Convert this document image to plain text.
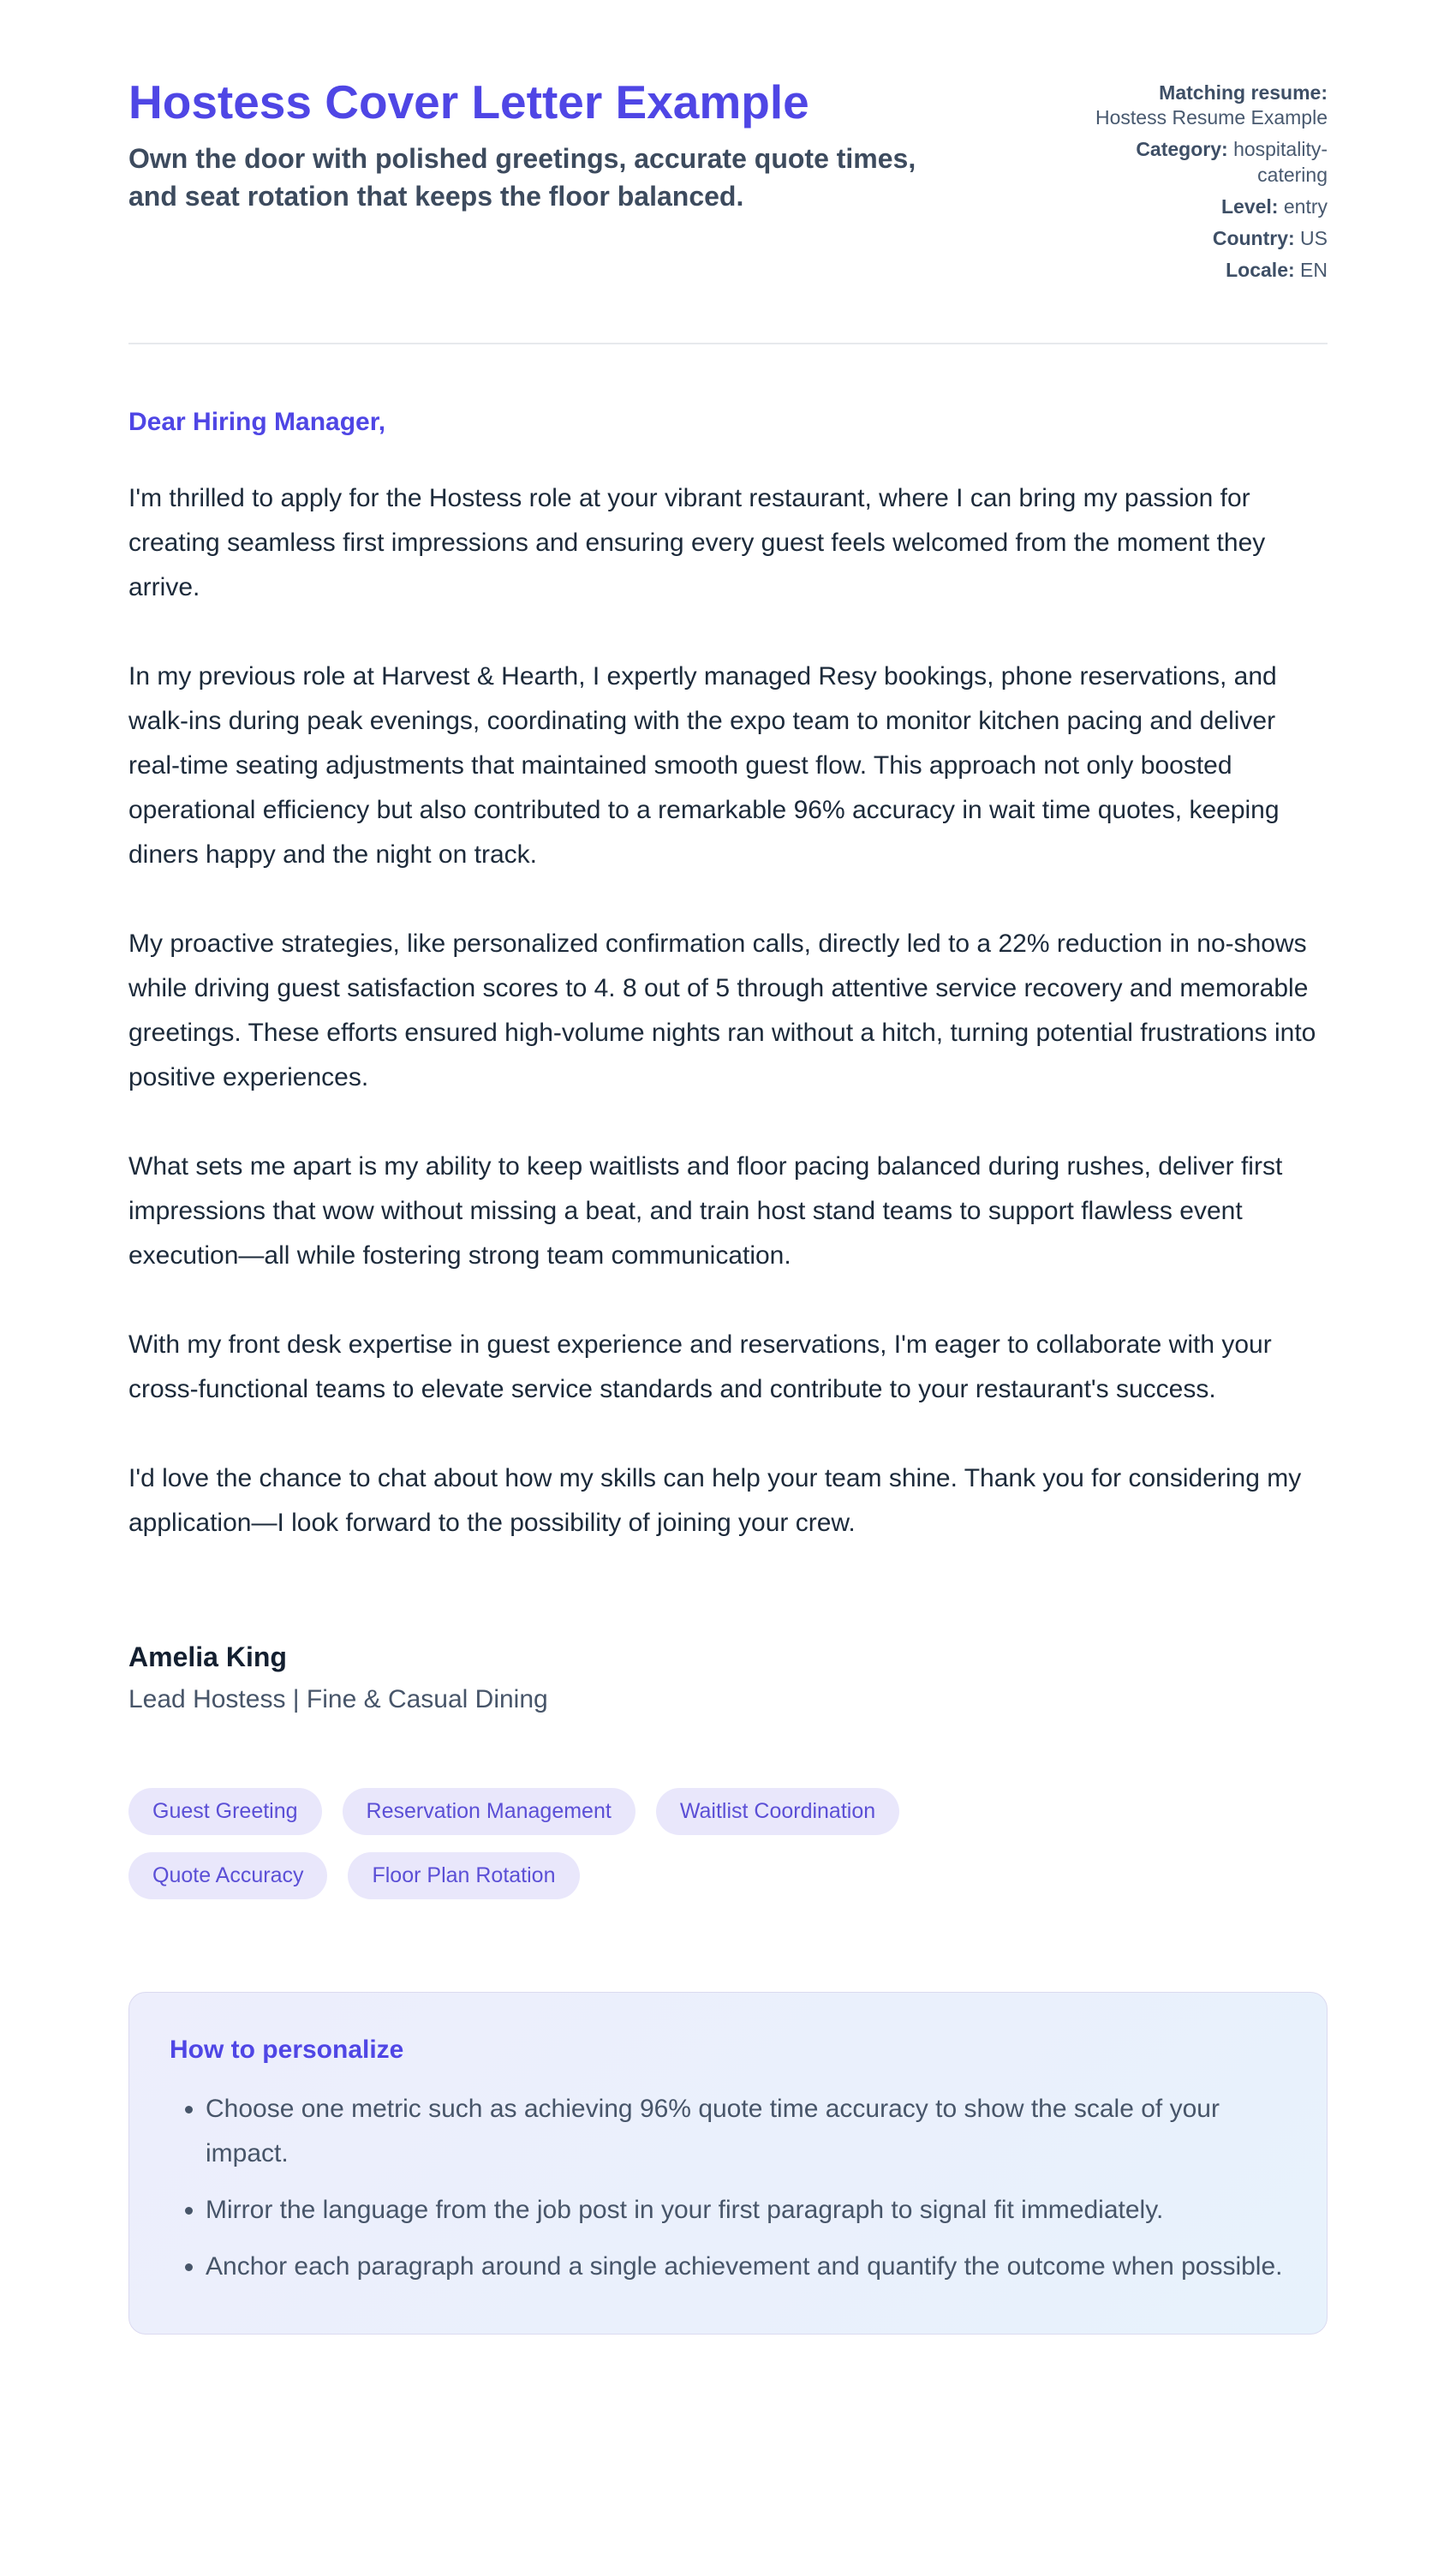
Hostess Cover Letter Example

Own the door with polished greetings, accurate quote times, and seat rotation that keeps the floor balanced.

Matching resume: Hostess Resume Example
Category: hospitality-catering
Level: entry
Country: US
Locale: EN

Dear Hiring Manager,

I'm thrilled to apply for the Hostess role at your vibrant restaurant, where I can bring my passion for creating seamless first impressions and ensuring every guest feels welcomed from the moment they arrive.

In my previous role at Harvest & Hearth, I expertly managed Resy bookings, phone reservations, and walk-ins during peak evenings, coordinating with the expo team to monitor kitchen pacing and deliver real-time seating adjustments that maintained smooth guest flow. This approach not only boosted operational efficiency but also contributed to a remarkable 96% accuracy in wait time quotes, keeping diners happy and the night on track.

My proactive strategies, like personalized confirmation calls, directly led to a 22% reduction in no-shows while driving guest satisfaction scores to 4. 8 out of 5 through attentive service recovery and memorable greetings. These efforts ensured high-volume nights ran without a hitch, turning potential frustrations into positive experiences.

What sets me apart is my ability to keep waitlists and floor pacing balanced during rushes, deliver first impressions that wow without missing a beat, and train host stand teams to support flawless event execution—all while fostering strong team communication.

With my front desk expertise in guest experience and reservations, I'm eager to collaborate with your cross-functional teams to elevate service standards and contribute to your restaurant's success.

I'd love the chance to chat about how my skills can help your team shine. Thank you for considering my application—I look forward to the possibility of joining your crew.

Amelia King

Lead Hostess | Fine & Casual Dining

Guest Greeting	Reservation Management	Waitlist Coordination
Quote Accuracy	Floor Plan Rotation
How to personalize
• Choose one metric such as achieving 96% quote time accuracy to show the scale of your impact.
• Mirror the language from the job post in your first paragraph to signal fit immediately.
• Anchor each paragraph around a single achievement and quantify the outcome when possible.
